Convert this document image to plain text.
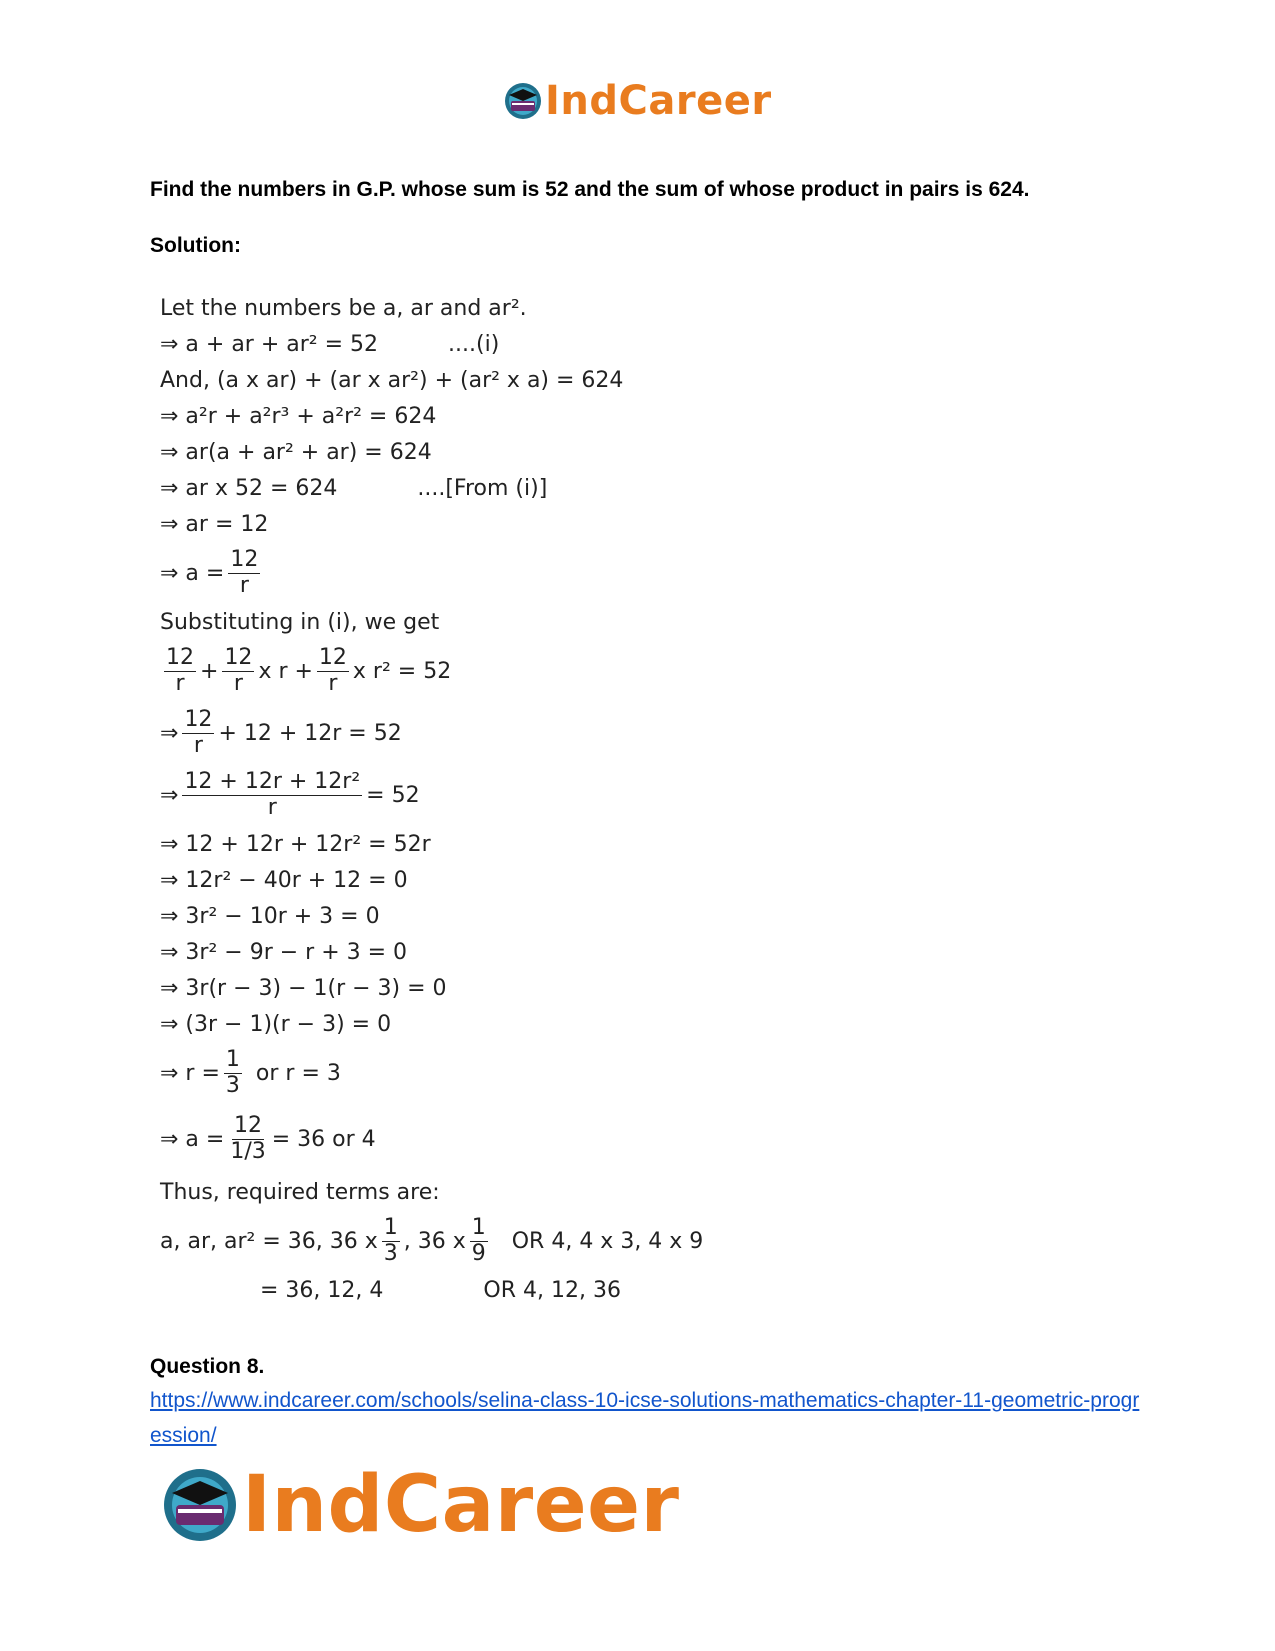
IndCareer
Find the numbers in G.P. whose sum is 52 and the sum of whose product in pairs is 624.
Solution:
Let the numbers be a, ar and ar².
⇒ a + ar + ar² = 52	....(i)
And, (a x ar) + (ar x ar²) + (ar² x a) = 624
⇒ a²r + a²r³ + a²r² = 624
⇒ ar(a + ar² + ar) = 624
⇒ ar x 52 = 624	....[From (i)]
⇒ ar = 12
⇒ $a = \frac{12}{r}$
Substituting in (i), we get
$\frac{12}{r} + \frac{12}{r}$ x $r + \frac{12}{r}$ x r² = 52
⇒ $\frac{12}{r} + 12 + 12r = 52$
⇒ $\frac{\text{12 + 12r + 12r²}}{r} = 52$
⇒ 12 + 12r + 12r² = 52r
⇒ 12r² − 40r + 12 = 0
⇒ 3r² − 10r + 3 = 0
⇒ 3r² − 9r − r + 3 = 0
⇒ 3r(r − 3) − 1(r − 3) = 0
⇒ (3r − 1)(r − 3) = 0
⇒ $r = \frac{1}{3}$ or r = 3
⇒ $a = \frac{12}{1/3} = 36$ or 4
Thus, required terms are:
a, ar, ar² = 36, 36 x $\frac{1}{3}$ , 36 x $\frac{1}{9}$ OR 4, 4 x 3, 4 x 9
= 36, 12, 4	OR 4, 12, 36
Question 8.
https://www.indcareer.com/schools/selina-class-10-icse-solutions-mathematics-chapter-11-geometric-progression/
IndCareer
